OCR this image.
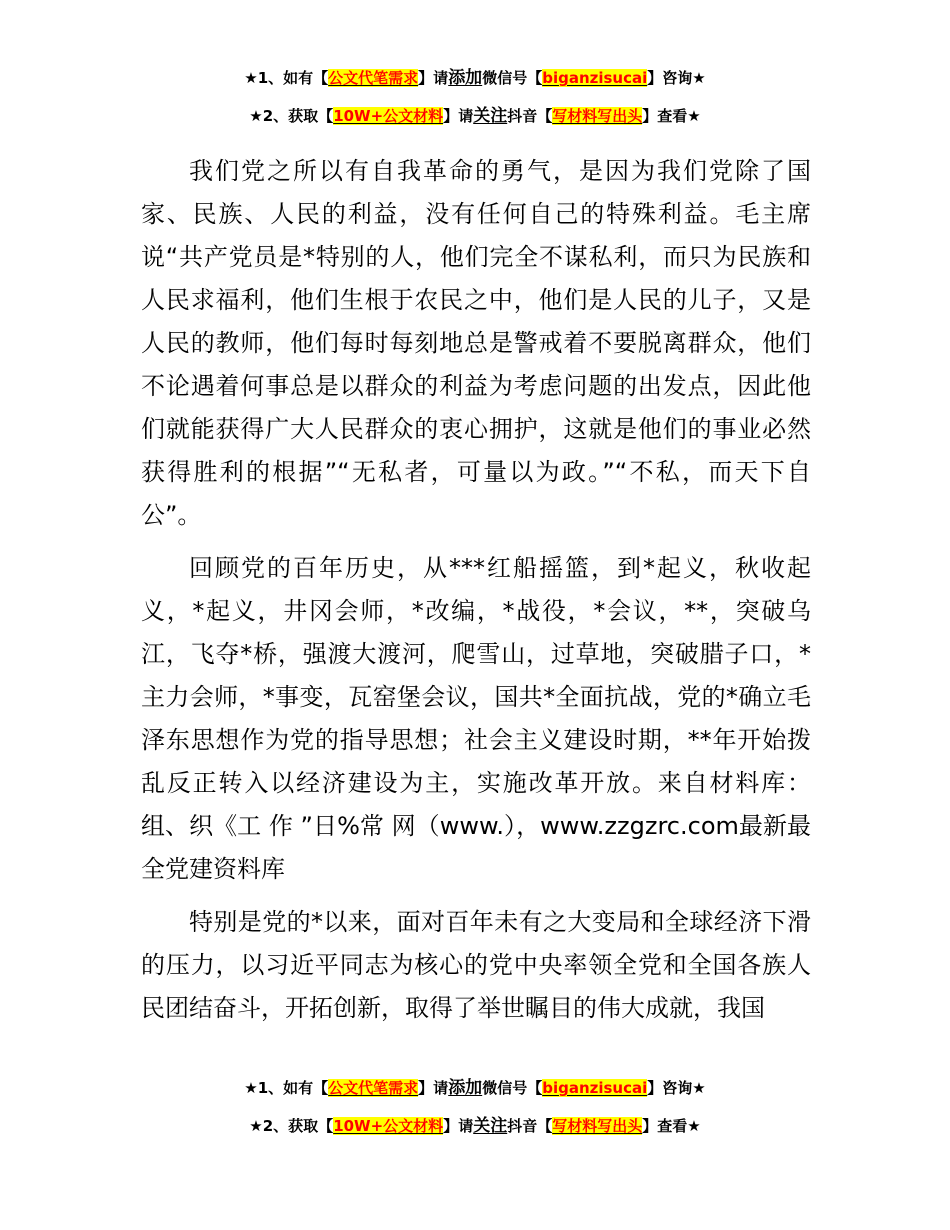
★1、如有【公文代笔需求】请添加微信号【biganzisucai】咨询★
★2、获取【10W+公文材料】请关注抖音【写材料写出头】查看★

我们党之所以有自我革命的勇气，是因为我们党除了国家、民族、人民的利益，没有任何自己的特殊利益。毛主席说“共产党员是*特别的人，他们完全不谋私利，而只为民族和人民求福利，他们生根于农民之中，他们是人民的儿子，又是人民的教师，他们每时每刻地总是警戒着不要脱离群众，他们不论遇着何事总是以群众的利益为考虑问题的出发点，因此他们就能获得广大人民群众的衷心拥护，这就是他们的事业必然获得胜利的根据”“无私者，可量以为政。”“不私，而天下自公”。

回顾党的百年历史，从***红船摇篮，到*起义，秋收起义，*起义，井冈会师，*改编，*战役，*会议，**，突破乌江，飞夺*桥，强渡大渡河，爬雪山，过草地，突破腊子口，*主力会师，*事变，瓦窑堡会议，国共*全面抗战，党的*确立毛泽东思想作为党的指导思想；社会主义建设时期，**年开始拨乱反正转入以经济建设为主，实施改革开放。来自材料库：组、织《工 作 ”日%常 网（www.），www.zzgzrc.com最新最全党建资料库

特别是党的*以来，面对百年未有之大变局和全球经济下滑的压力，以习近平同志为核心的党中央率领全党和全国各族人民团结奋斗，开拓创新，取得了举世瞩目的伟大成就，我国

★1、如有【公文代笔需求】请添加微信号【biganzisucai】咨询★
★2、获取【10W+公文材料】请关注抖音【写材料写出头】查看★
